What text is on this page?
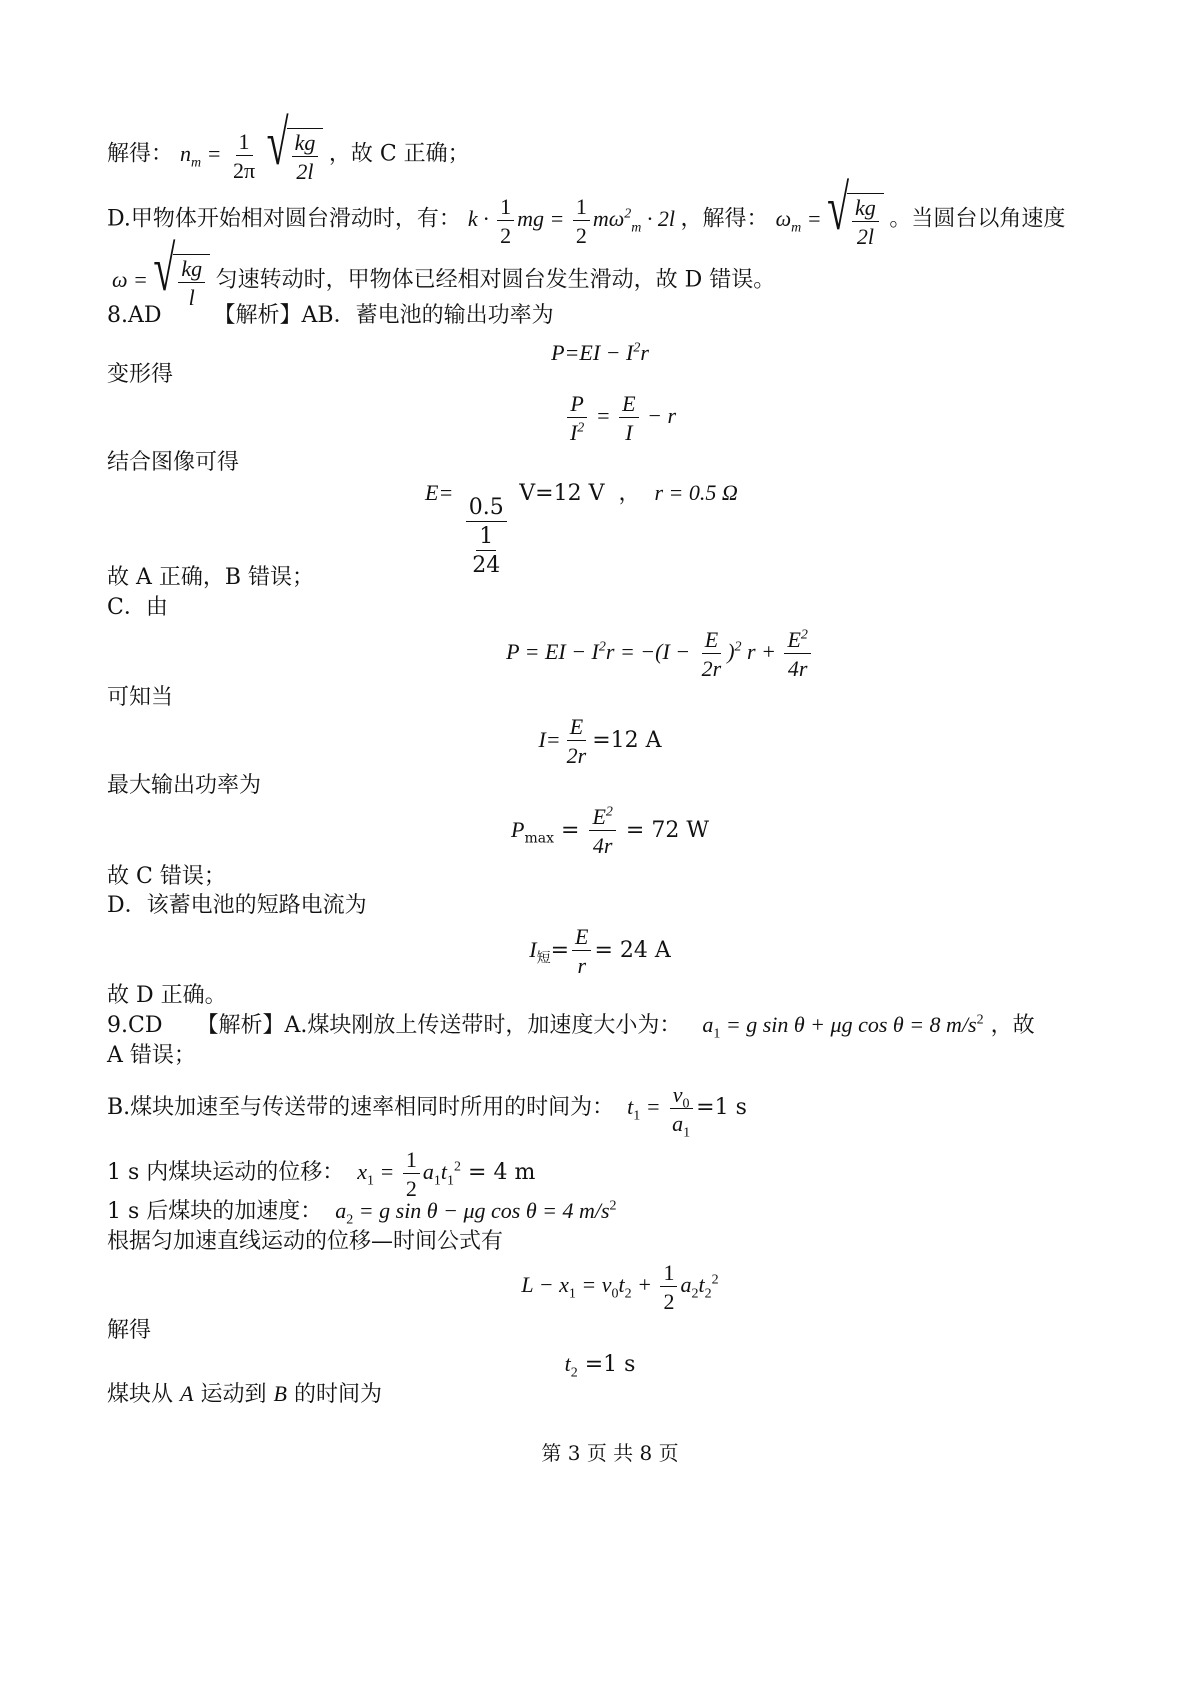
解得： $n_m = \frac{1}{2\pi}$
√ $\frac{kg}{2l}$ ，故 C 正确；
D.甲物体开始相对圆台滑动时，有： $k \cdot \frac{1}{2}$ mg = $\frac{1}{2} m\omega^2_m \cdot 2l$ ，解得： $\omega_m$ = √ $\frac{kg}{2l}$ 。当圆台以角速度
ω = √ $\frac{kg}{l}$ 匀速转动时，甲物体已经相对圆台发生滑动，故 D 错误。
8.AD 【解析】AB．蓄电池的输出功率为
$P=EI - I^2r$
变形得
$\frac{P}{I^2} = \frac{E}{I} - r$
结合图像可得
E=
$\frac{0.5}{\frac{1}{24}}$
V=12 V  ，  r = 0.5 Ω
故 A 正确，B 错误；
C．由
P = EI − $I^2r = -(I - \frac{E}{2r} )^2$ $r + \frac{E^2}{4r}$
可知当
$I= \frac{E}{2r} =12$ A
最大输出功率为
$P_{max} = \frac{E^2}{4r} = 72$ W
故 C 错误；
D．该蓄电池的短路电流为
$I_短= \frac{E}{r} = 24$ A
故 D 正确。
9.CD 【解析】A.煤块刚放上传送带时，加速度大小为： $a_1 = g$ sin θ + μg cos θ = 8 $m/s^2$ ，故
A 错误；
B.煤块加速至与传送带的速率相同时所用的时间为： $t_1 = \frac{v_0}{a_1} =1$ s
1 s 内煤块运动的位移： $x_1 = \frac{1}{2} a_1t_1^2 = 4$ m
1 s 后煤块的加速度： $a_2 = g$ sin θ − μg cos θ = 4 $m/s^2$
根据匀加速直线运动的位移—时间公式有
$L - x_1 = v_0t_2 + \frac{1}{2} a_2t_2^2$
解得
$t_2 =1$ s
煤块从 A 运动到 B 的时间为
第 3 页 共 8 页
